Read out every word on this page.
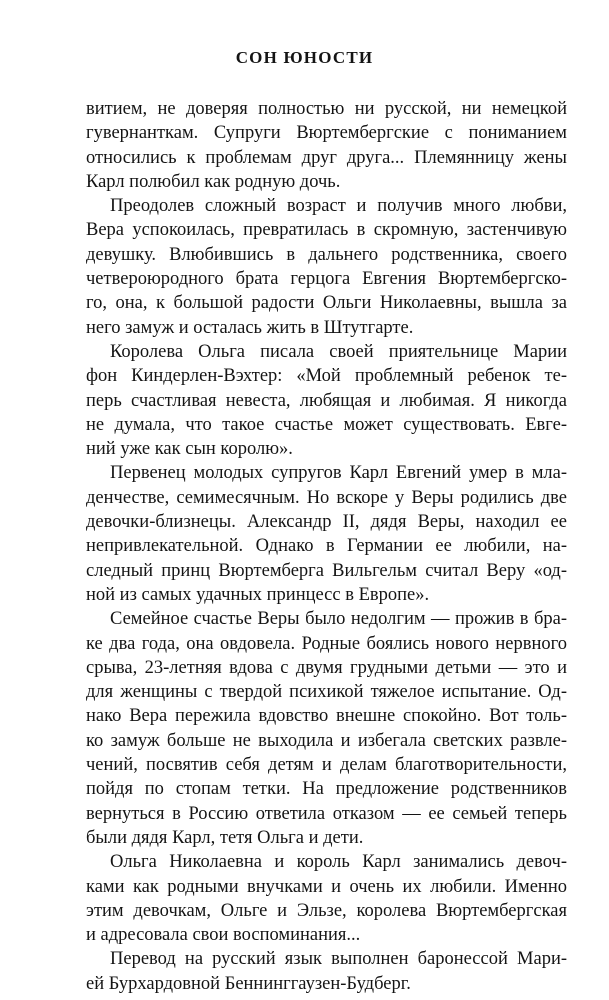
СОН ЮНОСТИ
витием, не доверяя полностью ни русской, ни немецкой
гувернанткам. Супруги Вюртембергские с пониманием
относились к проблемам друг друга... Племянницу жены
Карл полюбил как родную дочь.
Преодолев сложный возраст и получив много любви,
Вера успокоилась, превратилась в скромную, застенчивую
девушку. Влюбившись в дальнего родственника, своего
четвероюродного брата герцога Евгения Вюртембергско-
го, она, к большой радости Ольги Николаевны, вышла за
него замуж и осталась жить в Штутгарте.
Королева Ольга писала своей приятельнице Марии
фон Киндерлен-Вэхтер: «Мой проблемный ребенок те-
перь счастливая невеста, любящая и любимая. Я никогда
не думала, что такое счастье может существовать. Евге-
ний уже как сын королю».
Первенец молодых супругов Карл Евгений умер в мла-
денчестве, семимесячным. Но вскоре у Веры родились две
девочки-близнецы. Александр II, дядя Веры, находил ее
непривлекательной. Однако в Германии ее любили, на-
следный принц Вюртемберга Вильгельм считал Веру «од-
ной из самых удачных принцесс в Европе».
Семейное счастье Веры было недолгим — прожив в бра-
ке два года, она овдовела. Родные боялись нового нервного
срыва, 23-летняя вдова с двумя грудными детьми — это и
для женщины с твердой психикой тяжелое испытание. Од-
нако Вера пережила вдовство внешне спокойно. Вот толь-
ко замуж больше не выходила и избегала светских развле-
чений, посвятив себя детям и делам благотворительности,
пойдя по стопам тетки. На предложение родственников
вернуться в Россию ответила отказом — ее семьей теперь
были дядя Карл, тетя Ольга и дети.
Ольга Николаевна и король Карл занимались девоч-
ками как родными внучками и очень их любили. Именно
этим девочкам, Ольге и Эльзе, королева Вюртембергская
и адресовала свои воспоминания...
Перевод на русский язык выполнен баронессой Мари-
ей Бурхардовной Беннинггаузен-Будберг.
